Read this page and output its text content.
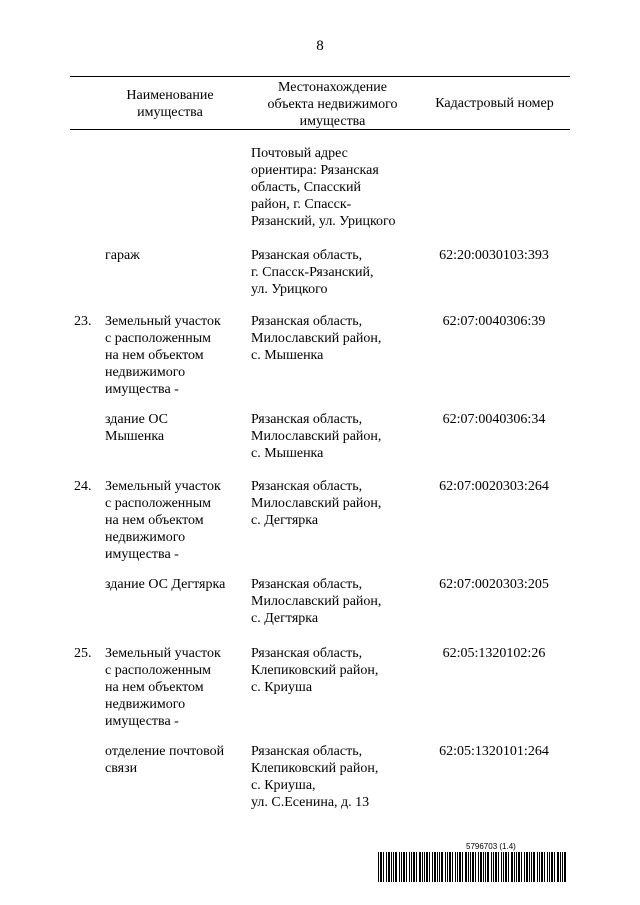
8
Наименование
имущества
Местонахождение
объекта недвижимого
имущества
Кадастровый номер
Почтовый адрес
ориентира: Рязанская
область, Спасский
район, г. Спасск-
Рязанский, ул. Урицкого
гараж	Рязанская область,
г. Спасск-Рязанский,
ул. Урицкого
62:20:0030103:393
23. Земельный участок
с расположенным
на нем объектом
недвижимого
имущества -
Рязанская область,
Милославский район,
с. Мышенка
62:07:0040306:39
здание ОС
Мышенка
Рязанская область,
Милославский район,
с. Мышенка
62:07:0040306:34
24. Земельный участок
с расположенным
на нем объектом
недвижимого
имущества -
Рязанская область,
Милославский район,
с. Дегтярка
62:07:0020303:264
здание ОС Дегтярка Рязанская область,
Милославский район,
с. Дегтярка
62:07:0020303:205
25. Земельный участок
с расположенным
на нем объектом
недвижимого
имущества -
Рязанская область,
Клепиковский район,
с. Криуша
62:05:1320102:26
отделение почтовой
связи
Рязанская область,
Клепиковский район,
с. Криуша,
ул. С.Есенина, д. 13
62:05:1320101:264
5796703 (1.4)
